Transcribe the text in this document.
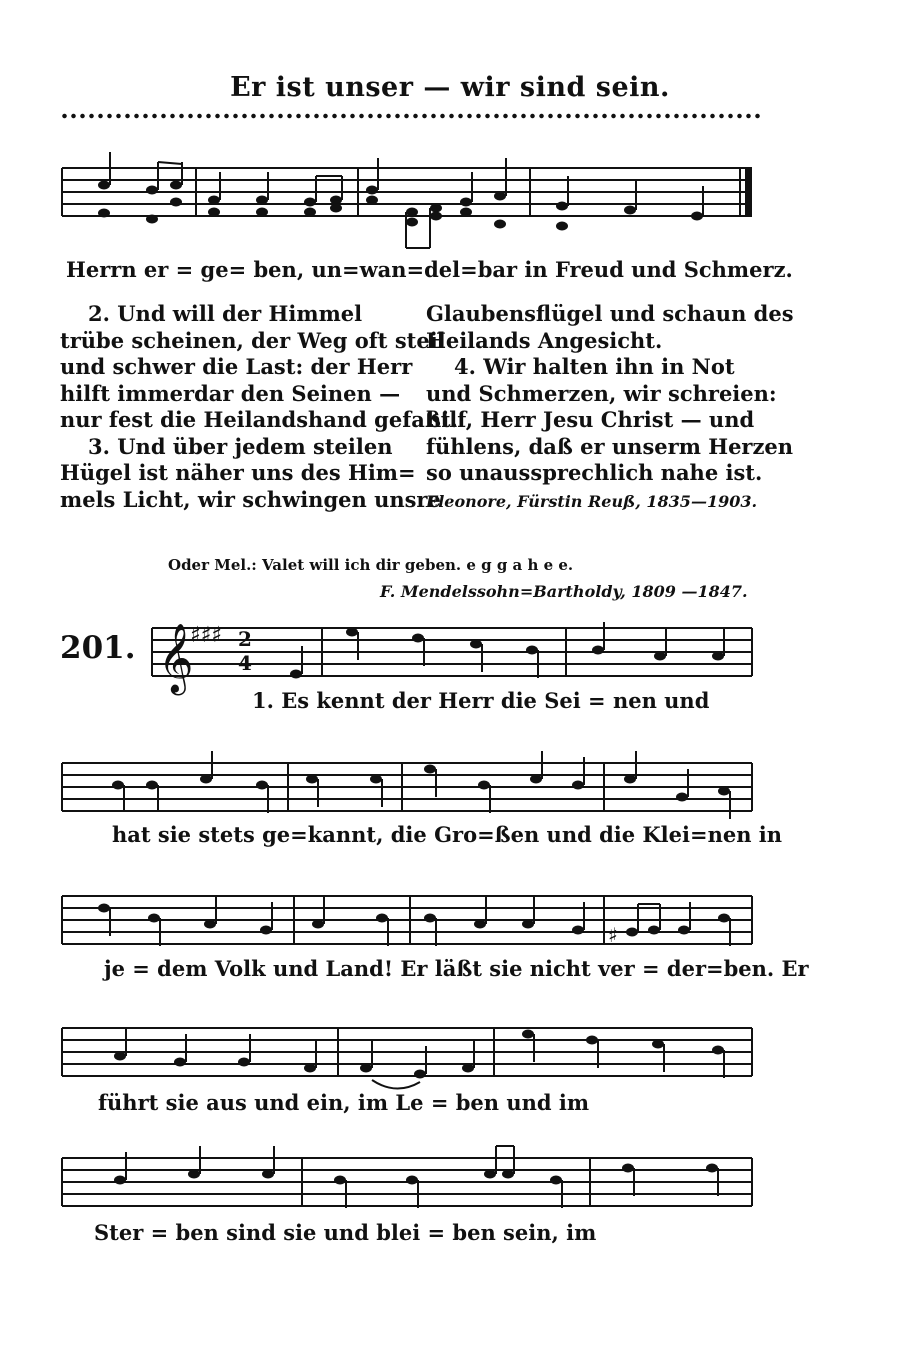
Er ist unser — wir sind sein.
Herrn er = ge= ben, un=wan=del=bar in Freud und Schmerz.
2. Und will der Himmel
trübe scheinen, der Weg oft steil
und schwer die Last: der Herr
hilft immerdar den Seinen —
nur fest die Heilandshand gefaßt.
3. Und über jedem steilen
Hügel ist näher uns des Him=
mels Licht, wir schwingen unsre
Glaubensflügel und schaun des
Heilands Angesicht.
4. Wir halten ihn in Not
und Schmerzen, wir schreien:
hilf, Herr Jesu Christ — und
fühlens, daß er unserm Herzen
so unaussprechlich nahe ist.
Eleonore, Fürstin Reuß, 1835—1903.
Oder Mel.: Valet will ich dir geben. e g g a h e e.
F. Mendelssohn=Bartholdy, 1809 —1847.
201. 𝄞
♯♯♯ 2
4
1. Es kennt der Herr die Sei = nen und
hat sie stets ge=kannt, die Gro=ßen und die Klei=nen in
♯
je = dem Volk und Land! Er läßt sie nicht ver = der=ben. Er
führt sie aus und ein, im Le = ben und im
Ster = ben sind sie und blei = ben sein, im
